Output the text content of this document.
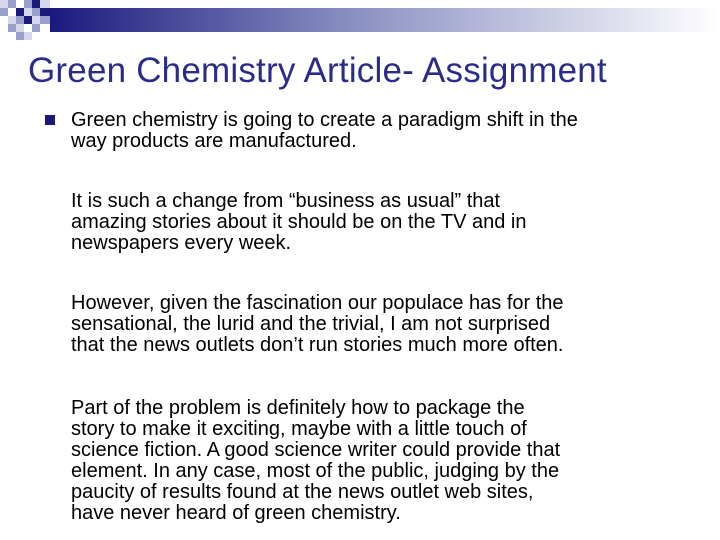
Green Chemistry Article- Assignment

Green chemistry is going to create a paradigm shift in the
way products are manufactured.

It is such a change from “business as usual” that
amazing stories about it should be on the TV and in
newspapers every week.

However, given the fascination our populace has for the
sensational, the lurid and the trivial, I am not surprised
that the news outlets don’t run stories much more often.

Part of the problem is definitely how to package the
story to make it exciting, maybe with a little touch of
science fiction. A good science writer could provide that
element. In any case, most of the public, judging by the
paucity of results found at the news outlet web sites,
have never heard of green chemistry.
